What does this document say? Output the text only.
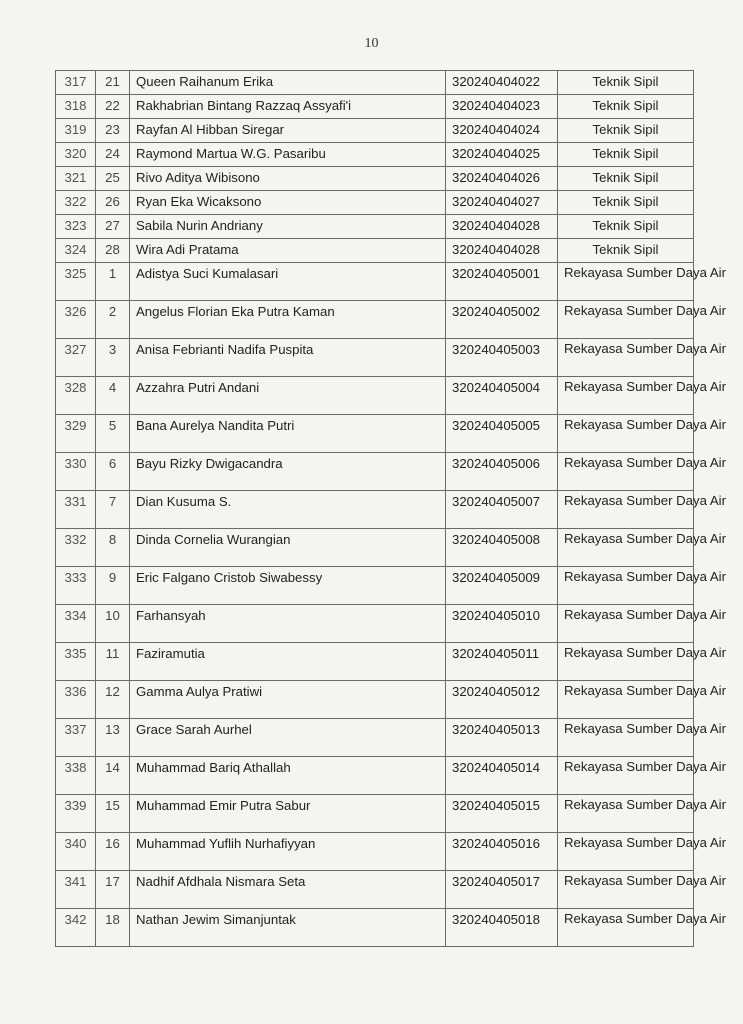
10
317	21	Queen Raihanum Erika	320240404022	Teknik Sipil
318	22	Rakhabrian Bintang Razzaq Assyafi'i	320240404023	Teknik Sipil
319	23	Rayfan Al Hibban Siregar	320240404024	Teknik Sipil
320	24	Raymond Martua W.G. Pasaribu	320240404025	Teknik Sipil
321	25	Rivo Aditya Wibisono	320240404026	Teknik Sipil
322	26	Ryan Eka Wicaksono	320240404027	Teknik Sipil
323	27	Sabila Nurin Andriany	320240404028	Teknik Sipil
324	28	Wira Adi Pratama	320240404028	Teknik Sipil
325	1	Adistya Suci Kumalasari	320240405001	Rekayasa Sumber Daya Air
326	2	Angelus Florian Eka Putra Kaman	320240405002	Rekayasa Sumber Daya Air
327	3	Anisa Febrianti Nadifa Puspita	320240405003	Rekayasa Sumber Daya Air
328	4	Azzahra Putri Andani	320240405004	Rekayasa Sumber Daya Air
329	5	Bana Aurelya Nandita Putri	320240405005	Rekayasa Sumber Daya Air
330	6	Bayu Rizky Dwigacandra	320240405006	Rekayasa Sumber Daya Air
331	7	Dian Kusuma S.	320240405007	Rekayasa Sumber Daya Air
332	8	Dinda Cornelia Wurangian	320240405008	Rekayasa Sumber Daya Air
333	9	Eric Falgano Cristob Siwabessy	320240405009	Rekayasa Sumber Daya Air
334	10	Farhansyah	320240405010	Rekayasa Sumber Daya Air
335	11	Faziramutia	320240405011	Rekayasa Sumber Daya Air
336	12	Gamma Aulya Pratiwi	320240405012	Rekayasa Sumber Daya Air
337	13	Grace Sarah Aurhel	320240405013	Rekayasa Sumber Daya Air
338	14	Muhammad Bariq Athallah	320240405014	Rekayasa Sumber Daya Air
339	15	Muhammad Emir Putra Sabur	320240405015	Rekayasa Sumber Daya Air
340	16	Muhammad Yuflih Nurhafiyyan	320240405016	Rekayasa Sumber Daya Air
341	17	Nadhif Afdhala Nismara Seta	320240405017	Rekayasa Sumber Daya Air
342	18	Nathan Jewim Simanjuntak	320240405018	Rekayasa Sumber Daya Air
